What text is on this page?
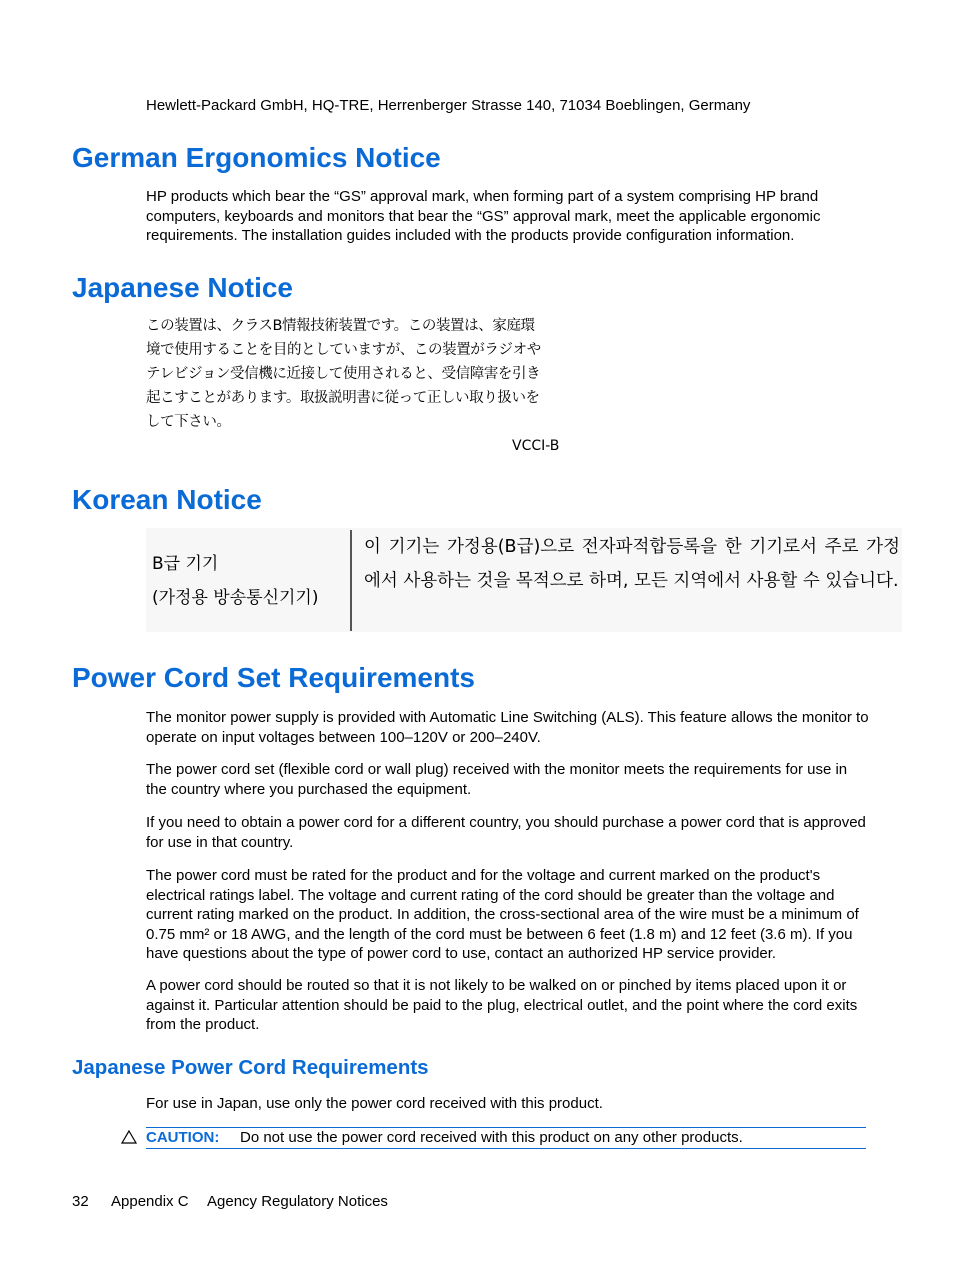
Hewlett-Packard GmbH, HQ-TRE, Herrenberger Strasse 140, 71034 Boeblingen, Germany

German Ergonomics Notice

HP products which bear the “GS” approval mark, when forming part of a system comprising HP brand computers, keyboards and monitors that bear the “GS” approval mark, meet the applicable ergonomic requirements. The installation guides included with the products provide configuration information.

Japanese Notice
この装置は、クラスB情報技術装置です。この装置は、家庭環
境で使用することを目的としていますが、この装置がラジオや
テレビジョン受信機に近接して使用されると、受信障害を引き
起こすことがあります。取扱説明書に従って正しい取り扱いを
して下さい。
VCCI-B
Korean Notice
B급 기기
(가정용 방송통신기기)
이 기기는 가정용(B급)으로 전자파적합등록을 한 기기로서 주로 가정에서 사용하는 것을 목적으로 하며, 모든 지역에서 사용할 수 있습니다.
Power Cord Set Requirements

The monitor power supply is provided with Automatic Line Switching (ALS). This feature allows the monitor to operate on input voltages between 100–120V or 200–240V.

The power cord set (flexible cord or wall plug) received with the monitor meets the requirements for use in the country where you purchased the equipment.

If you need to obtain a power cord for a different country, you should purchase a power cord that is approved for use in that country.

The power cord must be rated for the product and for the voltage and current marked on the product's electrical ratings label. The voltage and current rating of the cord should be greater than the voltage and current rating marked on the product. In addition, the cross-sectional area of the wire must be a minimum of 0.75 mm² or 18 AWG, and the length of the cord must be between 6 feet (1.8 m) and 12 feet (3.6 m). If you have questions about the type of power cord to use, contact an authorized HP service provider.

A power cord should be routed so that it is not likely to be walked on or pinched by items placed upon it or against it. Particular attention should be paid to the plug, electrical outlet, and the point where the cord exits from the product.

Japanese Power Cord Requirements

For use in Japan, use only the power cord received with this product.

CAUTION: Do not use the power cord received with this product on any other products.
32 Appendix C Agency Regulatory Notices
